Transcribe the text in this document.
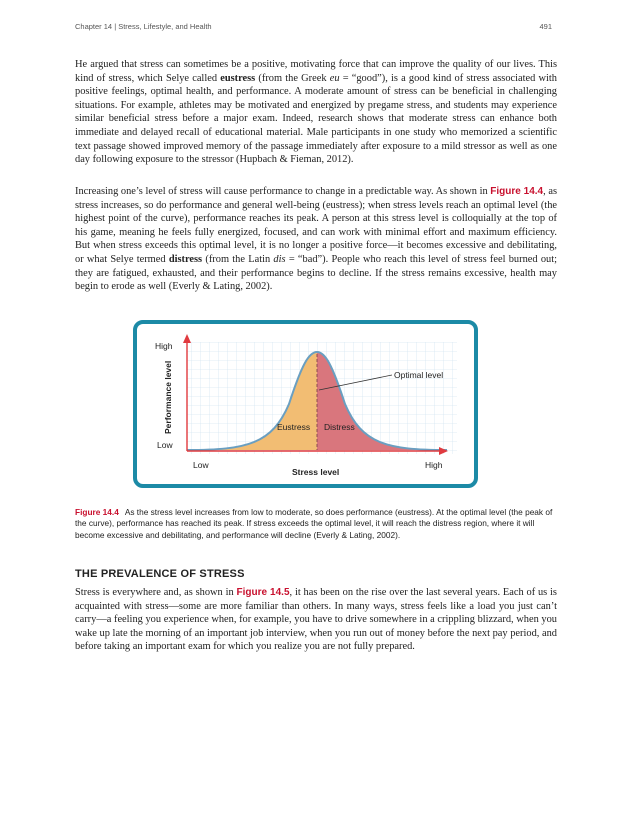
Chapter 14 | Stress, Lifestyle, and Health	491

He argued that stress can sometimes be a positive, motivating force that can improve the quality of our lives. This kind of stress, which Selye called eustress (from the Greek eu = “good”), is a good kind of stress associated with positive feelings, optimal health, and performance. A moderate amount of stress can be beneficial in challenging situations. For example, athletes may be motivated and energized by pregame stress, and students may experience similar beneficial stress before a major exam. Indeed, research shows that moderate stress can enhance both immediate and delayed recall of educational material. Male participants in one study who memorized a scientific text passage showed improved memory of the passage immediately after exposure to a mild stressor as well as one day following exposure to the stressor (Hupbach & Fieman, 2012).

Increasing one’s level of stress will cause performance to change in a predictable way. As shown in Figure 14.4, as stress increases, so do performance and general well-being (eustress); when stress levels reach an optimal level (the highest point of the curve), performance reaches its peak. A person at this stress level is colloquially at the top of his game, meaning he feels fully energized, focused, and can work with minimal effort and maximum efficiency. But when stress exceeds this optimal level, it is no longer a positive force—it becomes excessive and debilitating, or what Selye termed distress (from the Latin dis = “bad”). People who reach this level of stress feel burned out; they are fatigued, exhausted, and their performance begins to decline. If the stress remains excessive, health may begin to erode as well (Everly & Lating, 2002).

High
Low
Performance level	Optimal level
Eustress Distress
Low	High
Stress level

Figure 14.4 As the stress level increases from low to moderate, so does performance (eustress). At the optimal level (the peak of the curve), performance has reached its peak. If stress exceeds the optimal level, it will reach the distress region, where it will become excessive and debilitating, and performance will decline (Everly & Lating, 2002).

THE PREVALENCE OF STRESS

Stress is everywhere and, as shown in Figure 14.5, it has been on the rise over the last several years. Each of us is acquainted with stress—some are more familiar than others. In many ways, stress feels like a load you just can’t carry—a feeling you experience when, for example, you have to drive somewhere in a crippling blizzard, when you wake up late the morning of an important job interview, when you run out of money before the next pay period, and before taking an important exam for which you realize you are not fully prepared.
